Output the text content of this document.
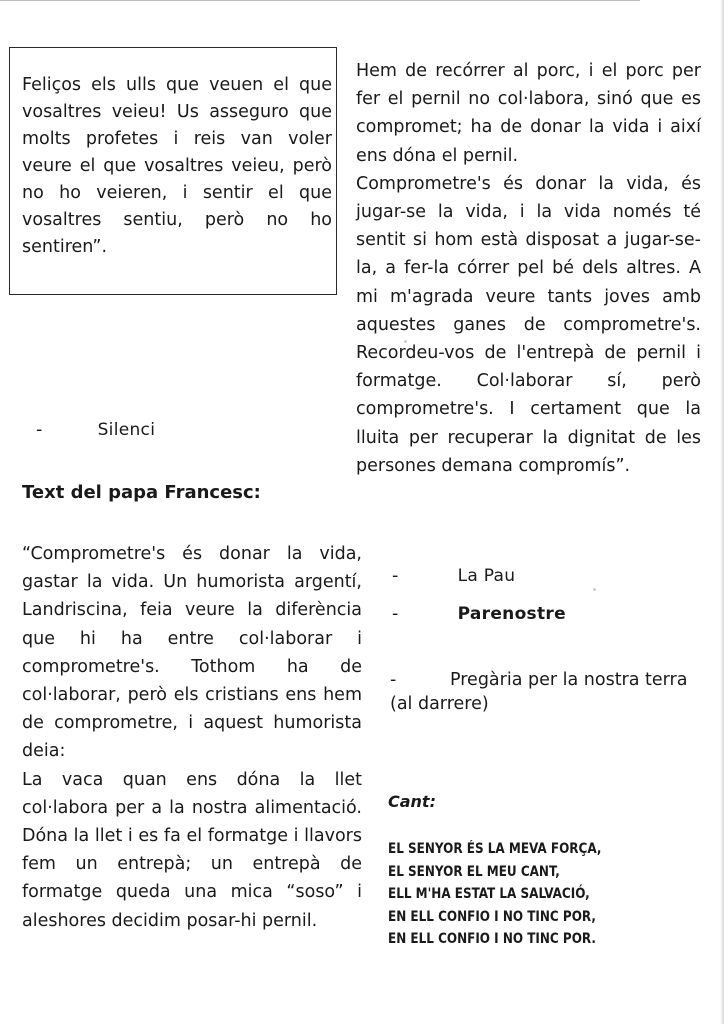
Feliços els ulls que veuen el que vosaltres veieu! Us asseguro que molts profetes i reis van voler veure el que vosaltres veieu, però no ho veieren, i sentir el que vosaltres sentiu, però no ho sentiren”.
Hem de recórrer al porc, i el porc per fer el pernil no col·labora, sinó que es compromet; ha de donar la vida i així ens dóna el pernil.
Comprometre's és donar la vida, és jugar-se la vida, i la vida només té sentit si hom està disposat a jugar-se-la, a fer-la córrer pel bé dels altres. A mi m'agrada veure tants joves amb aquestes ganes de comprometre's. Recordeu-vos de l'entrepà de pernil i formatge. Col·laborar sí, però comprometre's. I certament que la lluita per recuperar la dignitat de les persones demana compromís”.
-	Silenci
Text del papa Francesc:
“Comprometre's és donar la vida, gastar la vida. Un humorista argentí, Landriscina, feia veure la diferència que hi ha entre col·laborar i comprometre's. Tothom ha de col·laborar, però els cristians ens hem de comprometre, i aquest humorista deia:
La vaca quan ens dóna la llet col·labora per a la nostra alimentació. Dóna la llet i es fa el formatge i llavors fem un entrepà; un entrepà de formatge queda una mica “soso” i aleshores decidim posar-hi pernil.
-	La Pau
-	Parenostre
-	Pregària per la nostra terra (al darrere)
Cant:
EL SENYOR ÉS LA MEVA FORÇA,
EL SENYOR EL MEU CANT,
ELL M'HA ESTAT LA SALVACIÓ,
EN ELL CONFIO I NO TINC POR,
EN ELL CONFIO I NO TINC POR.
